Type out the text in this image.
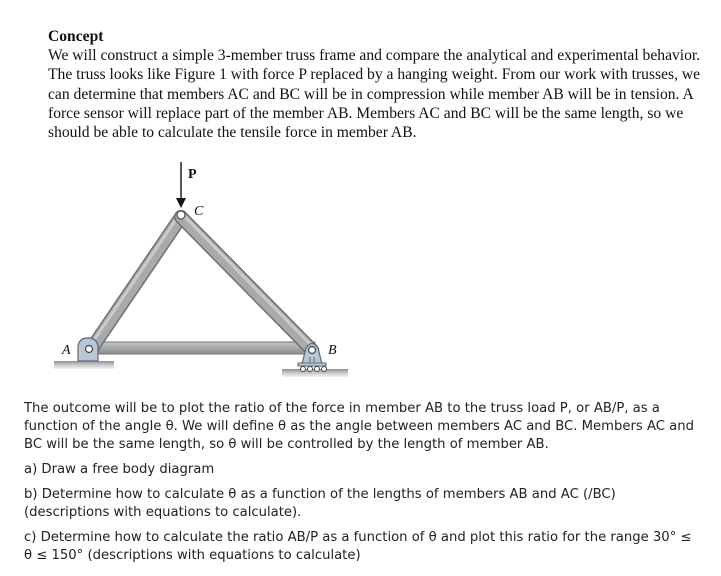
Concept

We will construct a simple 3-member truss frame and compare the analytical and experimental behavior. The truss looks like Figure 1 with force P replaced by a hanging weight. From our work with trusses, we can determine that members AC and BC will be in compression while member AB will be in tension. A force sensor will replace part of the member AB. Members AC and BC will be the same length, so we should be able to calculate the tensile force in member AB.

P
C
A	B

The outcome will be to plot the ratio of the force in member AB to the truss load P, or AB/P, as a function of the angle θ. We will define θ as the angle between members AC and BC. Members AC and BC will be the same length, so θ will be controlled by the length of member AB.

a) Draw a free body diagram

b) Determine how to calculate θ as a function of the lengths of members AB and AC (/BC) (descriptions with equations to calculate).

c) Determine how to calculate the ratio AB/P as a function of θ and plot this ratio for the range 30° ≤ θ ≤ 150° (descriptions with equations to calculate)
